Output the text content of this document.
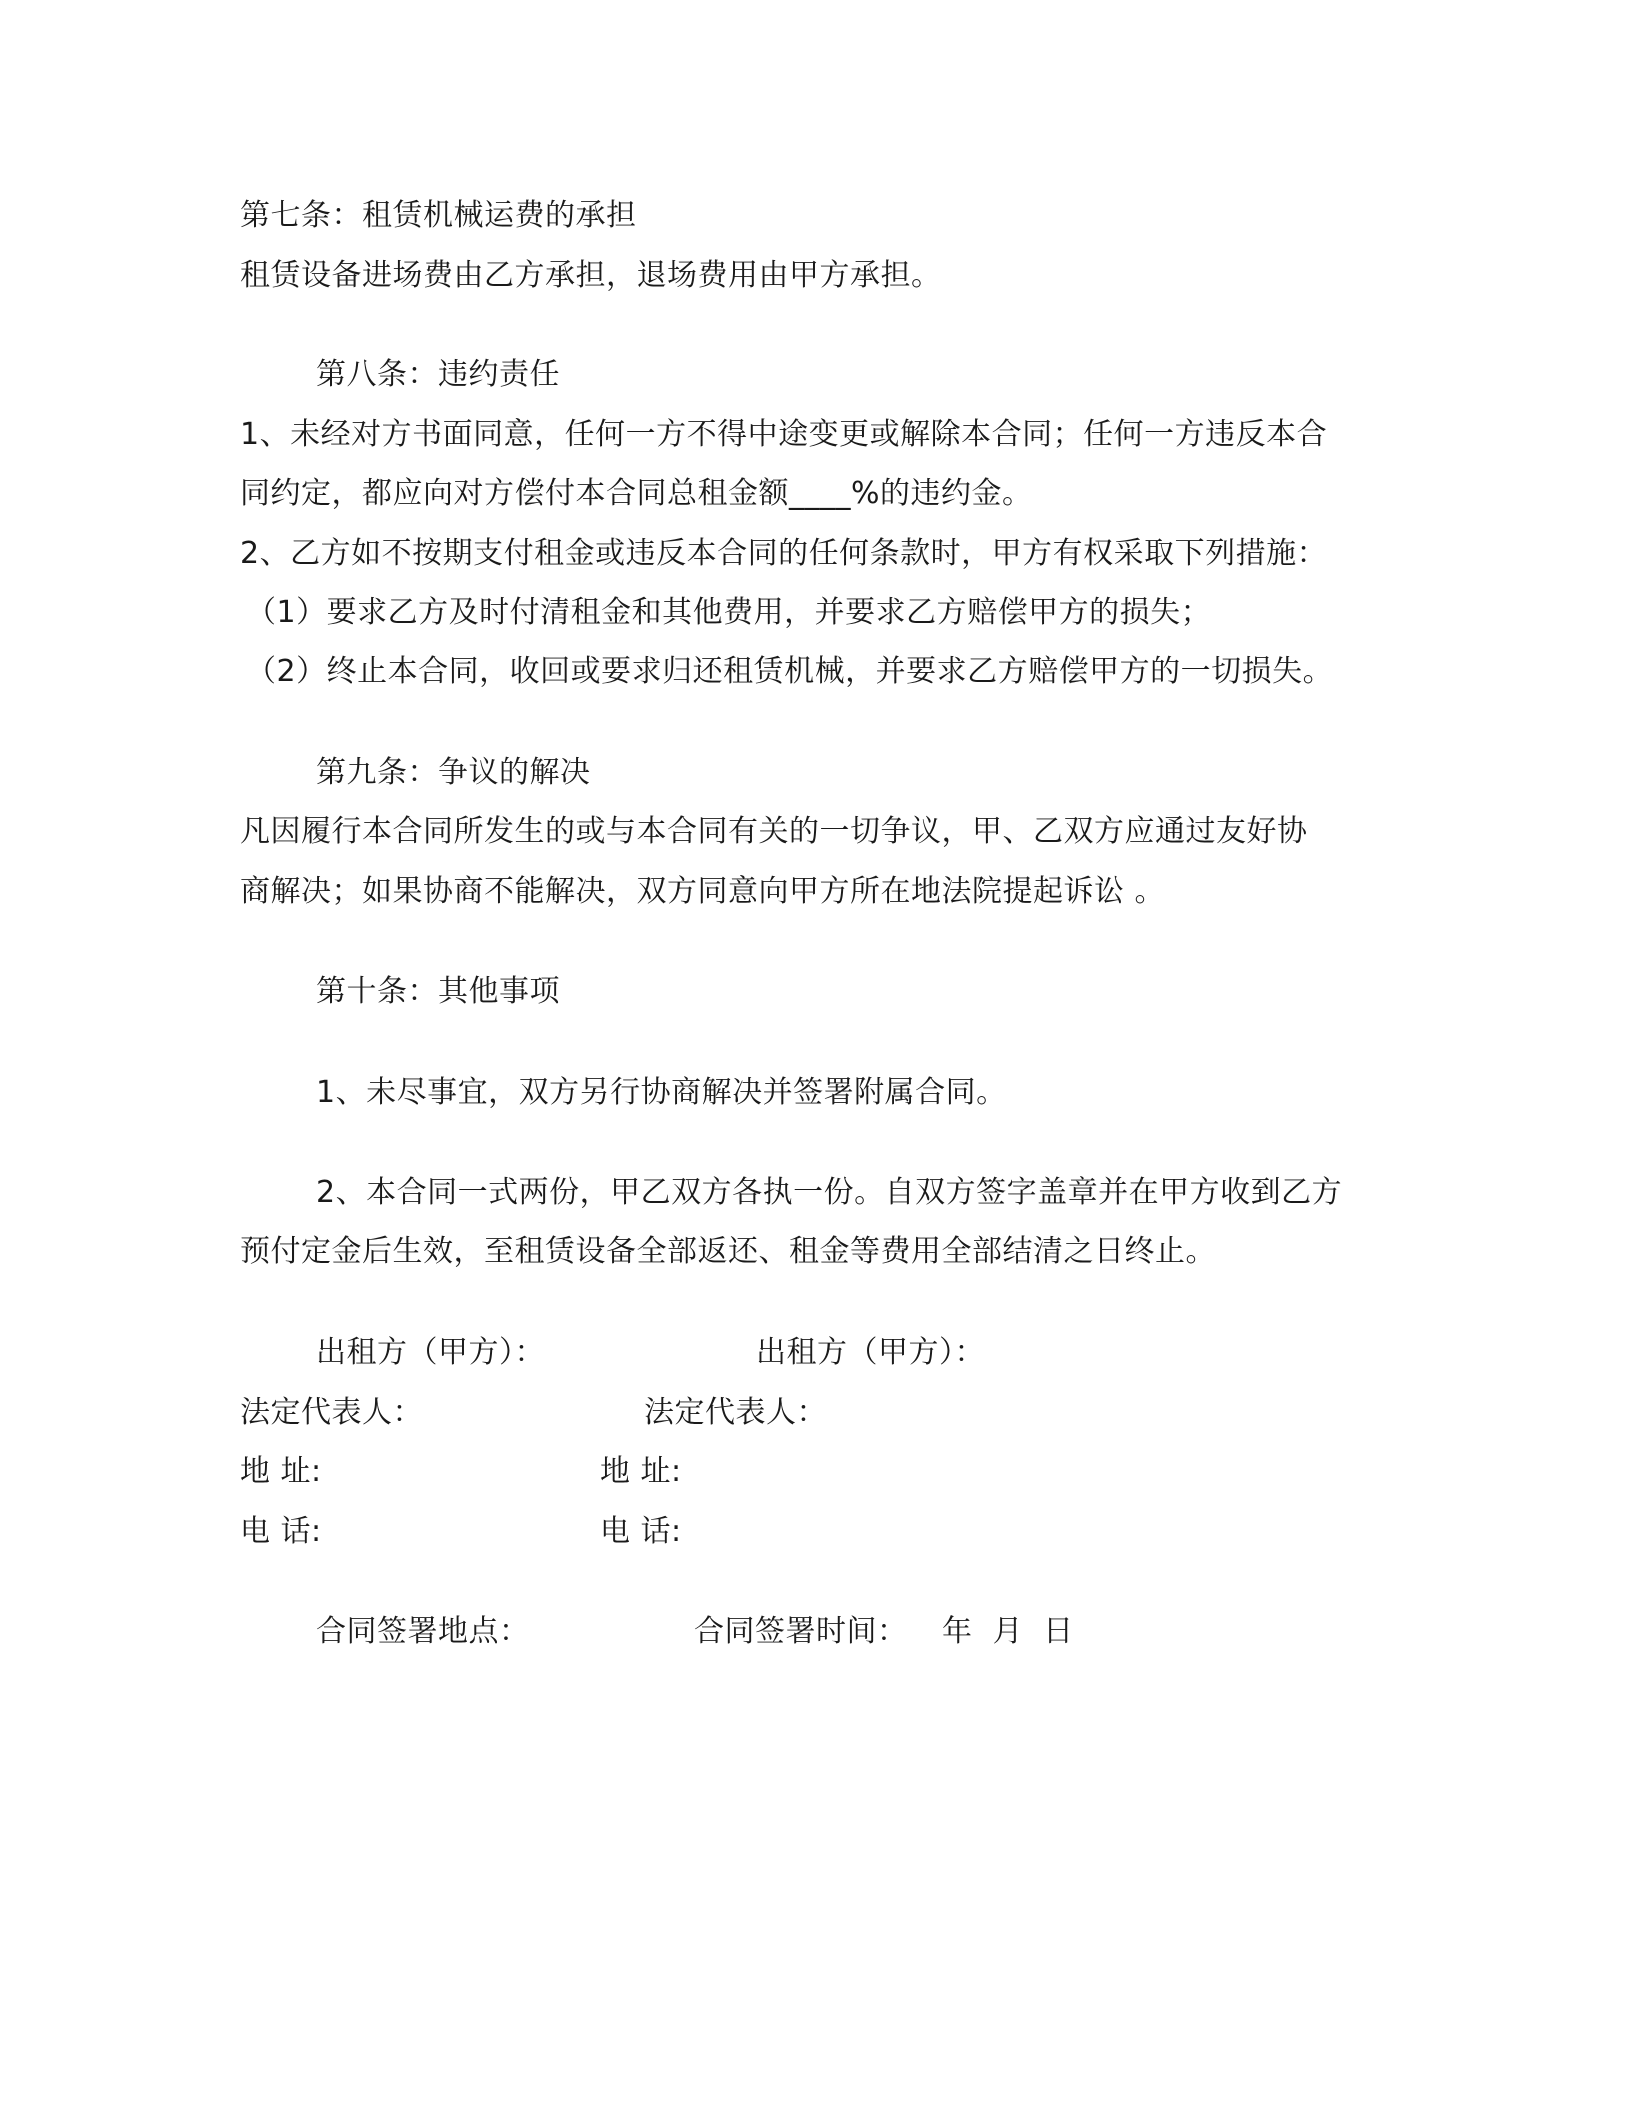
第七条：租赁机械运费的承担
租赁设备进场费由乙方承担，退场费用由甲方承担。
第八条：违约责任
1、未经对方书面同意，任何一方不得中途变更或解除本合同；任何一方违反本合
同约定，都应向对方偿付本合同总租金额____%的违约金。
2、乙方如不按期支付租金或违反本合同的任何条款时，甲方有权采取下列措施：
（1）要求乙方及时付清租金和其他费用，并要求乙方赔偿甲方的损失；
（2）终止本合同，收回或要求归还租赁机械，并要求乙方赔偿甲方的一切损失。
第九条：争议的解决
凡因履行本合同所发生的或与本合同有关的一切争议，甲、乙双方应通过友好协
商解决；如果协商不能解决，双方同意向甲方所在地法院提起诉讼 。
第十条：其他事项
1、未尽事宜，双方另行协商解决并签署附属合同。
2、本合同一式两份，甲乙双方各执一份。自双方签字盖章并在甲方收到乙方
预付定金后生效，至租赁设备全部返还、租金等费用全部结清之日终止。
出租方（甲方）：	出租方（甲方）：
法定代表人：	法定代表人：
地 址:	地 址:
电 话:	电 话:
合同签署地点：	合同签署时间： 年  月  日
